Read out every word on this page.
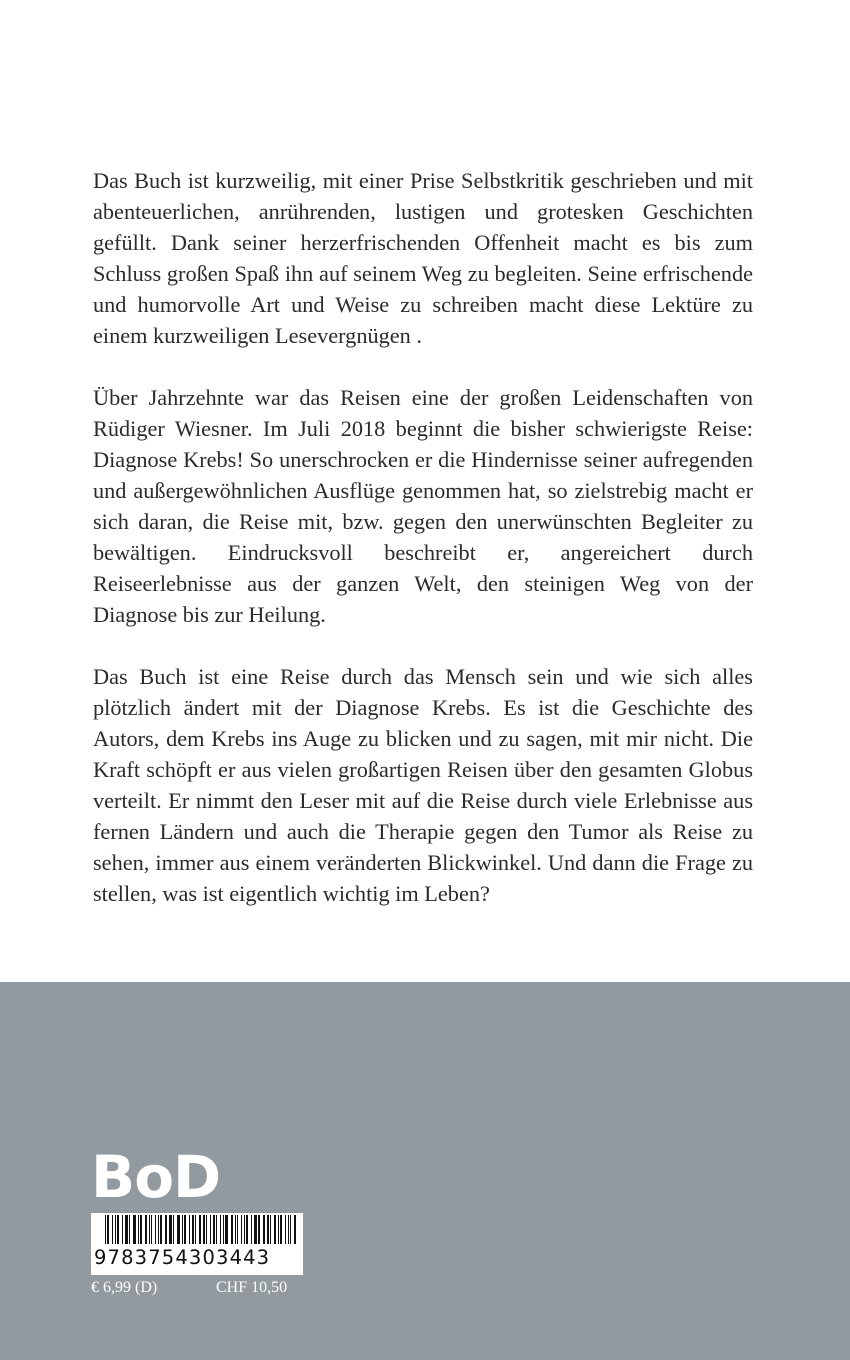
Das Buch ist kurzweilig, mit einer Prise Selbstkritik geschrieben und mit abenteuerlichen, anrührenden, lustigen und grotesken Geschichten gefüllt. Dank seiner herzerfrischenden Offenheit macht es bis zum Schluss großen Spaß ihn auf seinem Weg zu begleiten. Seine erfrischende und humorvolle Art und Weise zu schreiben macht diese Lektüre zu einem kurzweiligen Lesevergnügen .

Über Jahrzehnte war das Reisen eine der großen Leidenschaften von Rüdiger Wiesner. Im Juli 2018 beginnt die bisher schwierigste Reise: Diagnose Krebs! So unerschrocken er die Hindernisse seiner aufregenden und außergewöhnlichen Ausflüge genommen hat, so zielstrebig macht er sich daran, die Reise mit, bzw. gegen den unerwünschten Begleiter zu bewältigen. Eindrucksvoll beschreibt er, angereichert durch Reiseerlebnisse aus der ganzen Welt, den steinigen Weg von der Diagnose bis zur Heilung.

Das Buch ist eine Reise durch das Mensch sein und wie sich alles plötzlich ändert mit der Diagnose Krebs. Es ist die Geschichte des Autors, dem Krebs ins Auge zu blicken und zu sagen, mit mir nicht. Die Kraft schöpft er aus vielen großartigen Reisen über den gesamten Globus verteilt. Er nimmt den Leser mit auf die Reise durch viele Erlebnisse aus fernen Ländern und auch die Therapie gegen den Tumor als Reise zu sehen, immer aus einem veränderten Blickwinkel. Und dann die Frage zu stellen, was ist eigentlich wichtig im Leben?

BoD
9783754303443
€ 6,99 (D)	CHF 10,50
